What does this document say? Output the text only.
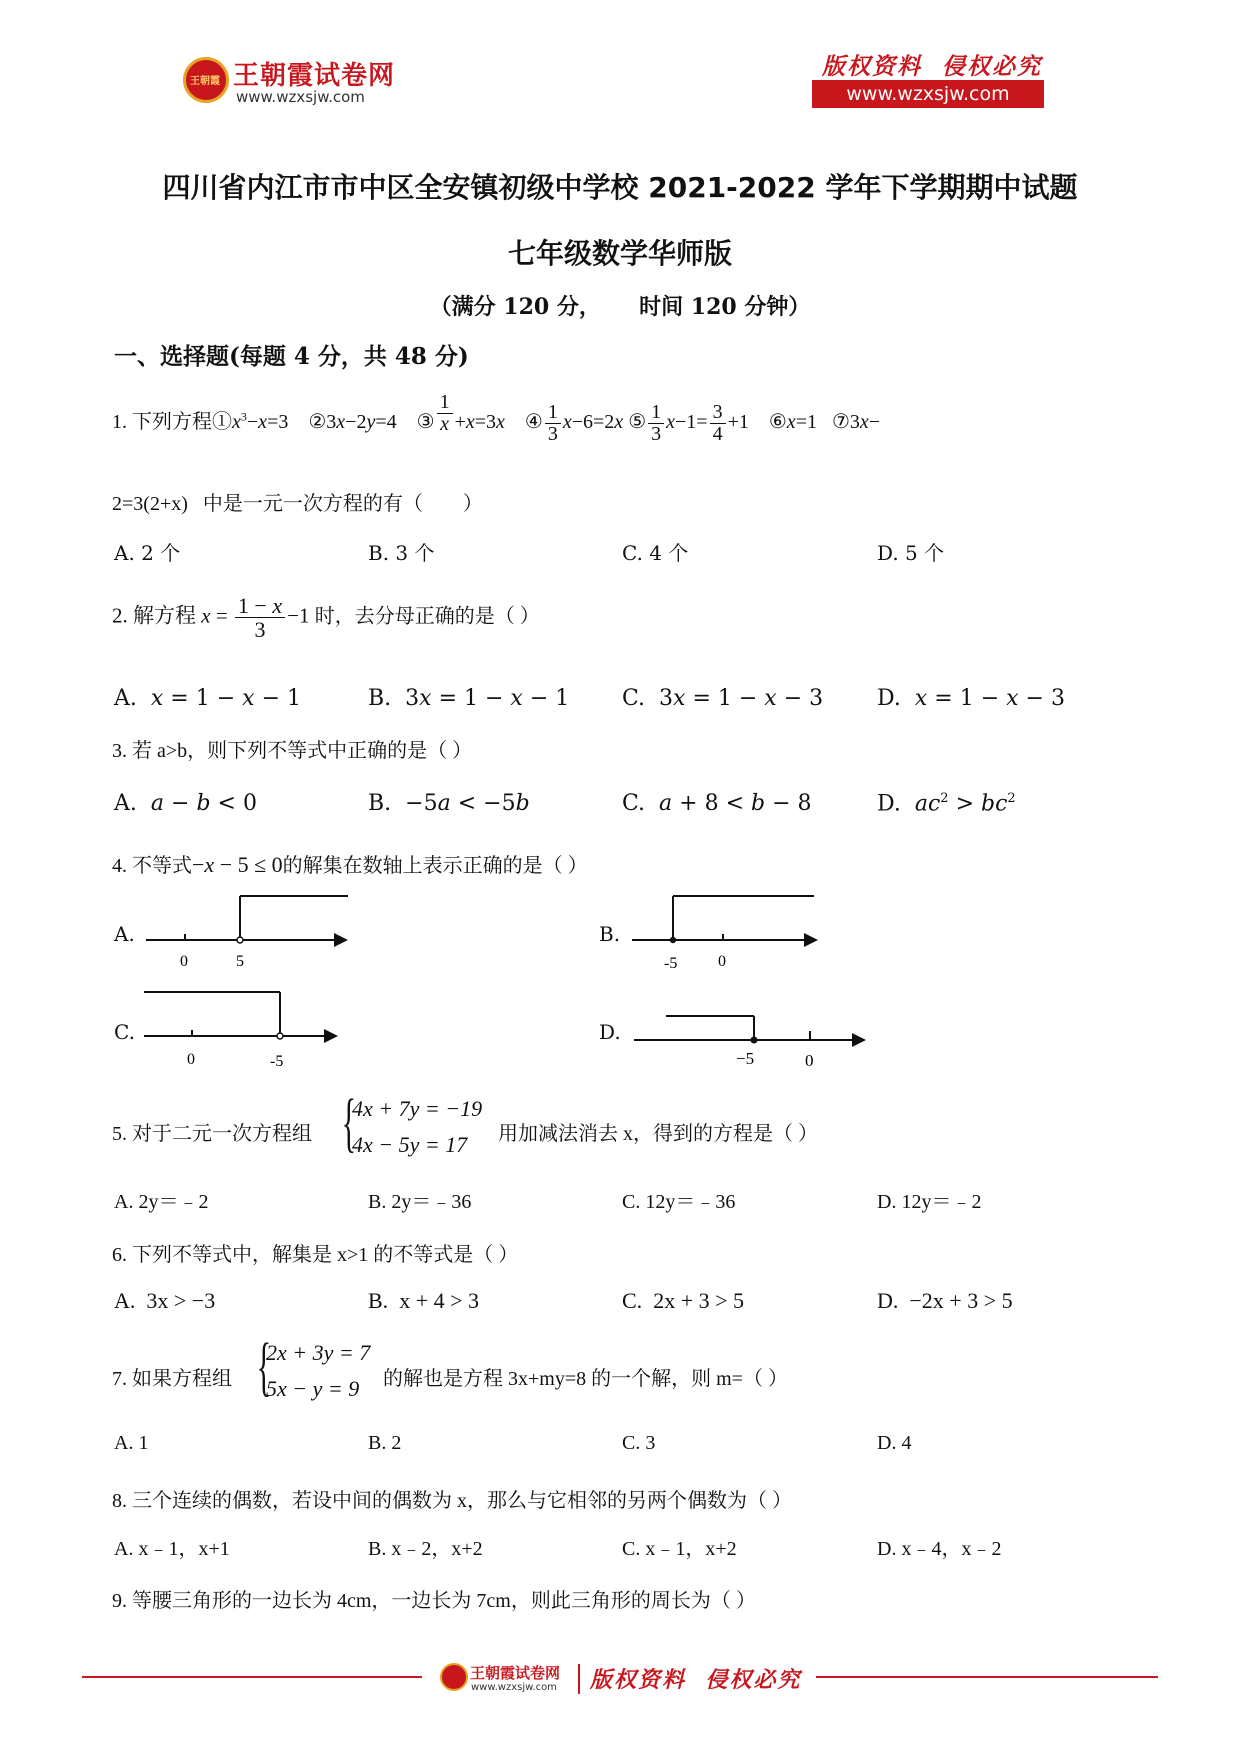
王朝霞 王朝霞试卷网
www.wzxsjw.com
版权资料  侵权必究
www.wzxsjw.com
四川省内江市市中区全安镇初级中学校 2021-2022 学年下学期期中试题
七年级数学华师版
（满分 120 分，     时间 120 分钟）
一、选择题(每题 4 分，共 48 分)
1. 下列方程$①x^3-x=3$    ②3x−2y=4    ③ $\frac{1}{x} +x=3x$    ④ $\frac{1}{3} x-6=2x$ ⑤ $\frac{1}{3} x-1= \frac{3}{4} +1$    ⑥x=1   ⑦3x−
2=3(2+x)   中是一元一次方程的有（        ）
A. 2 个	B. 3 个	C. 4 个	D. 5 个
2. 解方程 $x = \frac{1 - x}{3} -1$ 时，去分母正确的是（ ）
A. x = 1 − x − 1	B.  3x = 1 − x − 1 C.  3x = 1 − x − 3 D. x = 1 − x − 3
3. 若 a>b，则下列不等式中正确的是（ ）
A. a − b < 0	B.  −5a < −5b	C. a + 8 < b − 8	D. $ac^2 > bc^2$
4. 不等式−x − 5 ≤ 0的解集在数轴上表示正确的是（ ）
A.
0	5
B.
-5	0
C.
0	-5
D.
−5	0
5. 对于二元一次方程组 {
4x + 7y = −19
4x − 5y = 17 用加减法消去 x，得到的方程是（ ）
A. 2y＝﹣2	B. 2y＝﹣36	C. 12y＝﹣36	D. 12y＝﹣2
6. 下列不等式中，解集是 x>1 的不等式是（ ）
A. 3x > −3	B. x + 4 > 3	C. 2x + 3 > 5	D. −2x + 3 > 5
7. 如果方程组 {
2x + 3y = 7
5x − y = 9 的解也是方程 3x+my=8 的一个解，则 m=（ ）
A. 1	B. 2	C. 3	D. 4
8. 三个连续的偶数，若设中间的偶数为 x，那么与它相邻的另两个偶数为（ ）
A. x﹣1，x+1	B. x﹣2，x+2	C. x﹣1，x+2	D. x﹣4，x﹣2
9. 等腰三角形的一边长为 4cm，一边长为 7cm，则此三角形的周长为（ ）
王朝霞试卷网
www.wzxsjw.com 版权资料  侵权必究
